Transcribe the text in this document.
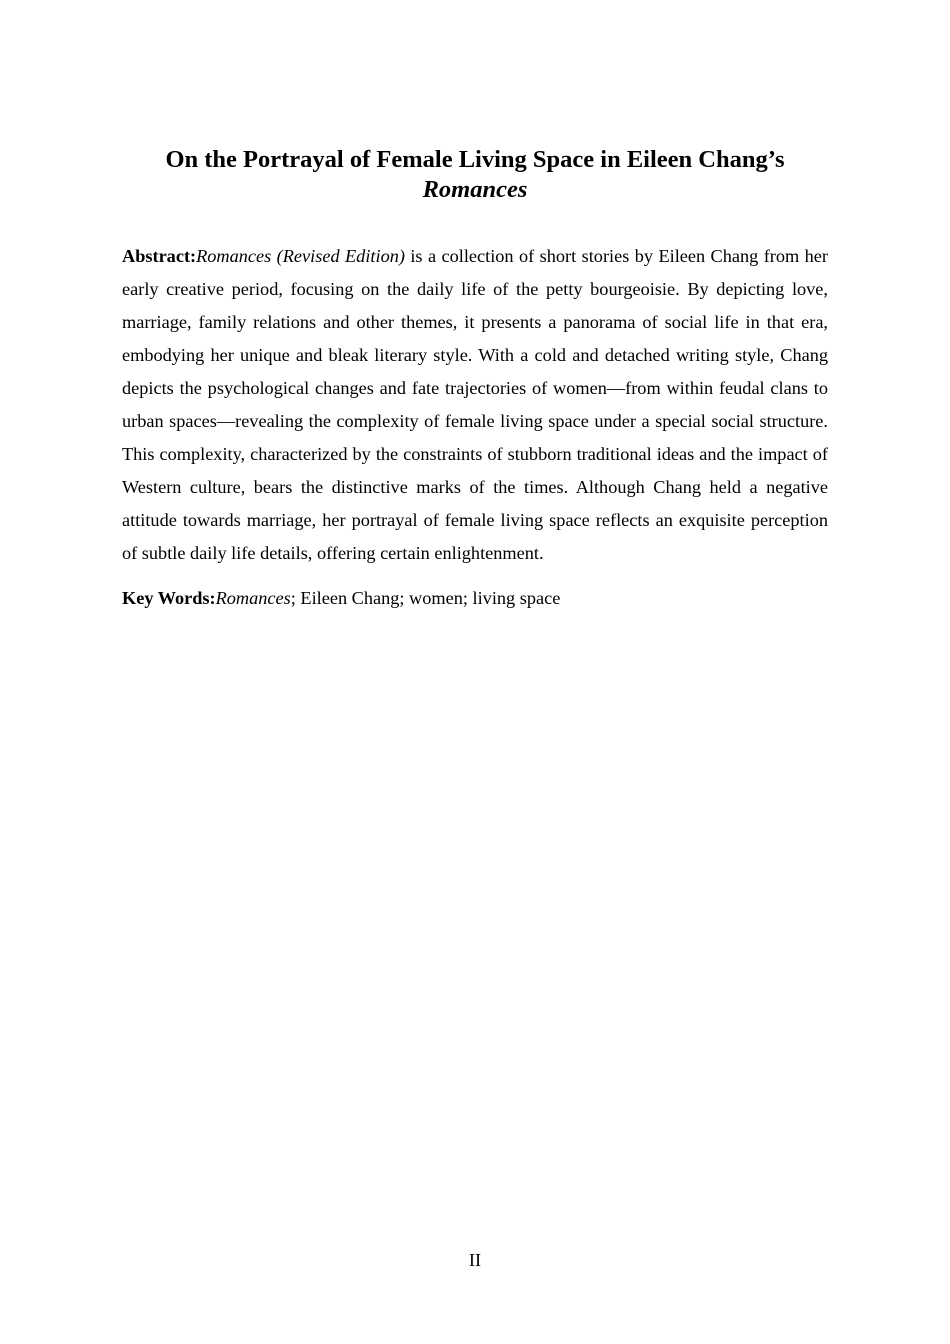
On the Portrayal of Female Living Space in Eileen Chang’s
Romances

Abstract:Romances (Revised Edition) is a collection of short stories by Eileen Chang from her early creative period, focusing on the daily life of the petty bourgeoisie. By depicting love, marriage, family relations and other themes, it presents a panorama of social life in that era, embodying her unique and bleak literary style. With a cold and detached writing style, Chang depicts the psychological changes and fate trajectories of women—from within feudal clans to urban spaces—revealing the complexity of female living space under a special social structure. This complexity, characterized by the constraints of stubborn traditional ideas and the impact of Western culture, bears the distinctive marks of the times. Although Chang held a negative attitude towards marriage, her portrayal of female living space reflects an exquisite perception of subtle daily life details, offering certain enlightenment.

Key Words:Romances; Eileen Chang; women; living space

II
